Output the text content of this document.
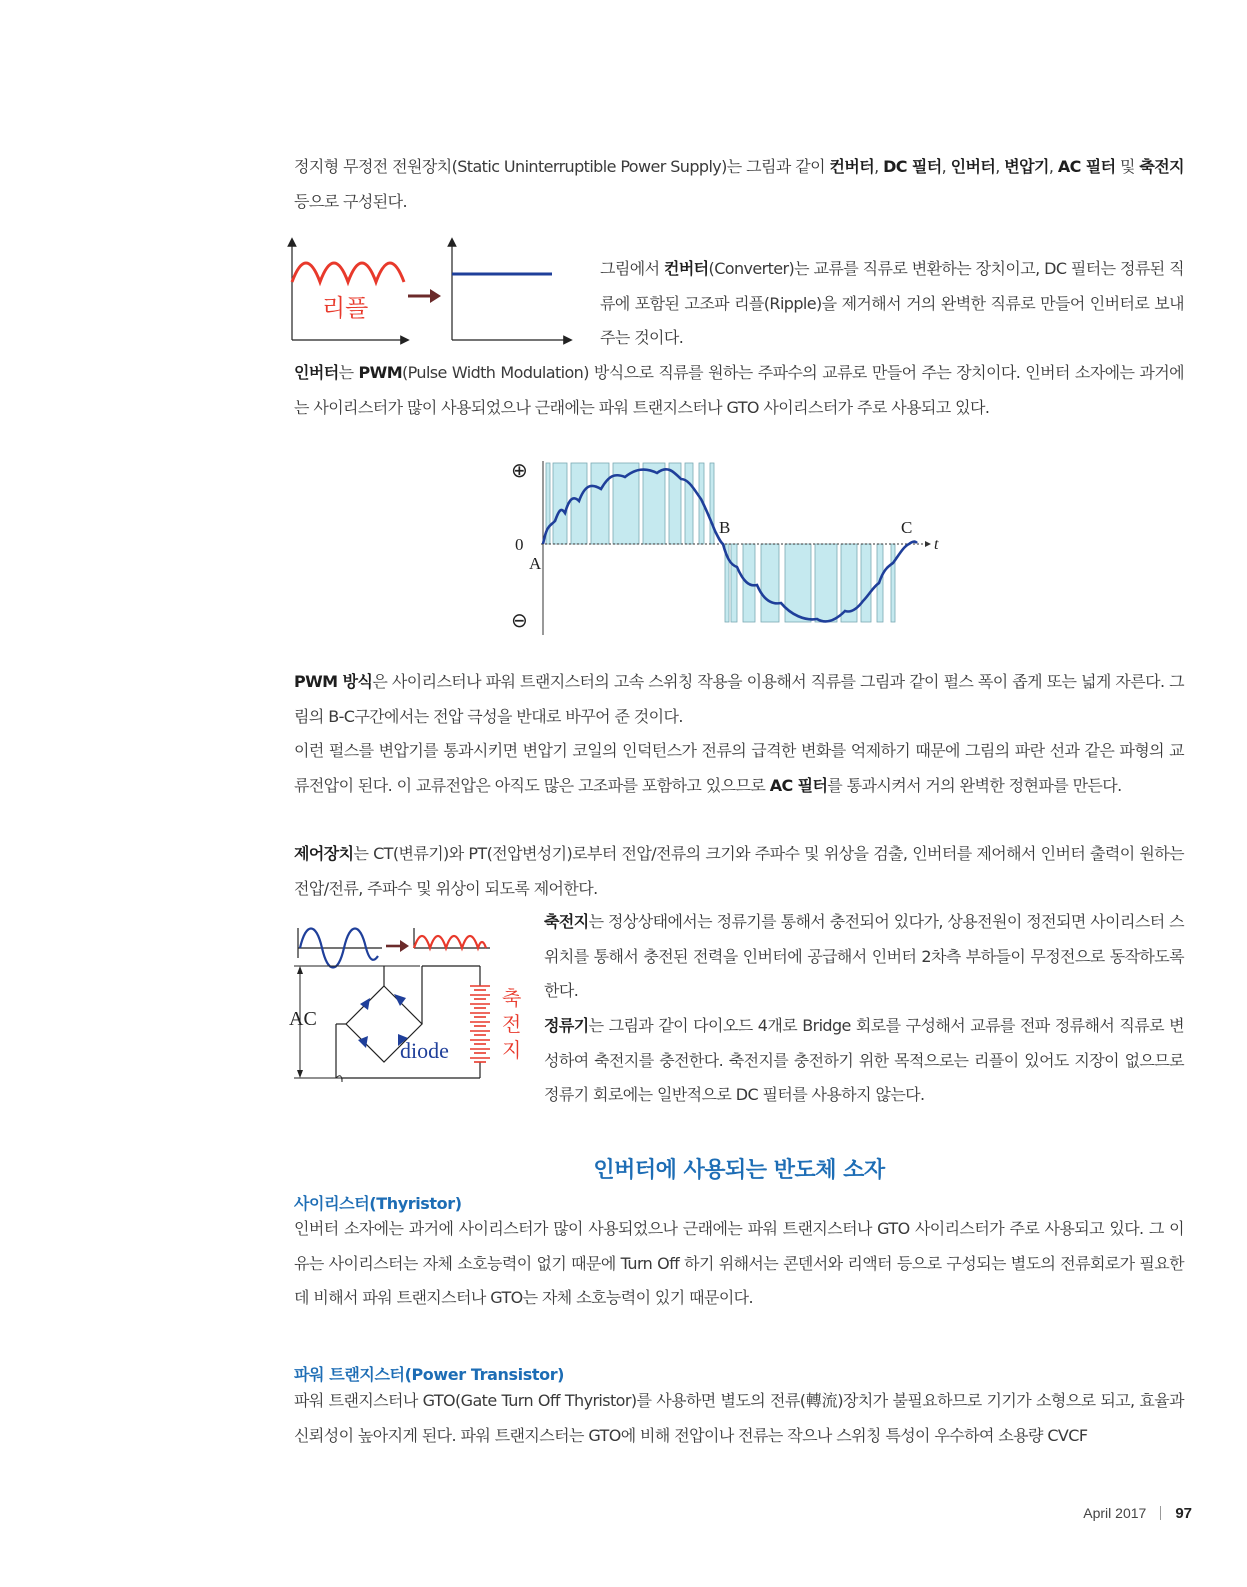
정지형 무정전 전원장치(Static Uninterruptible Power Supply)는 그림과 같이 컨버터, DC 필터, 인버터, 변압기, AC 필터 및 축전지 등으로 구성된다.

리플

그림에서 컨버터(Converter)는 교류를 직류로 변환하는 장치이고, DC 필터는 정류된 직류에 포함된 고조파 리플(Ripple)을 제거해서 거의 완벽한 직류로 만들어 인버터로 보내주는 것이다.

인버터는 PWM(Pulse Width Modulation) 방식으로 직류를 원하는 주파수의 교류로 만들어 주는 장치이다. 인버터 소자에는 과거에는 사이리스터가 많이 사용되었으나 근래에는 파워 트랜지스터나 GTO 사이리스터가 주로 사용되고 있다.

⊕
⊖
0
A
B	C
t

PWM 방식은 사이리스터나 파워 트랜지스터의 고속 스위칭 작용을 이용해서 직류를 그림과 같이 펄스 폭이 좁게 또는 넓게 자른다. 그림의 B-C구간에서는 전압 극성을 반대로 바꾸어 준 것이다.

이런 펄스를 변압기를 통과시키면 변압기 코일의 인덕턴스가 전류의 급격한 변화를 억제하기 때문에 그림의 파란 선과 같은 파형의 교류전압이 된다. 이 교류전압은 아직도 많은 고조파를 포함하고 있으므로 AC 필터를 통과시켜서 거의 완벽한 정현파를 만든다.

제어장치는 CT(변류기)와 PT(전압변성기)로부터 전압/전류의 크기와 주파수 및 위상을 검출, 인버터를 제어해서 인버터 출력이 원하는 전압/전류, 주파수 및 위상이 되도록 제어한다.

AC
diode
축
전
지

축전지는 정상상태에서는 정류기를 통해서 충전되어 있다가, 상용전원이 정전되면 사이리스터 스위치를 통해서 충전된 전력을 인버터에 공급해서 인버터 2차측 부하들이 무정전으로 동작하도록 한다.

정류기는 그림과 같이 다이오드 4개로 Bridge 회로를 구성해서 교류를 전파 정류해서 직류로 변성하여 축전지를 충전한다. 축전지를 충전하기 위한 목적으로는 리플이 있어도 지장이 없으므로 정류기 회로에는 일반적으로 DC 필터를 사용하지 않는다.

인버터에 사용되는 반도체 소자
사이리스터(Thyristor)

인버터 소자에는 과거에 사이리스터가 많이 사용되었으나 근래에는 파워 트랜지스터나 GTO 사이리스터가 주로 사용되고 있다. 그 이유는 사이리스터는 자체 소호능력이 없기 때문에 Turn Off 하기 위해서는 콘덴서와 리액터 등으로 구성되는 별도의 전류회로가 필요한데 비해서 파워 트랜지스터나 GTO는 자체 소호능력이 있기 때문이다.

파워 트랜지스터(Power Transistor)

파워 트랜지스터나 GTO(Gate Turn Off Thyristor)를 사용하면 별도의 전류(轉流)장치가 불필요하므로 기기가 소형으로 되고, 효율과 신뢰성이 높아지게 된다. 파워 트랜지스터는 GTO에 비해 전압이나 전류는 작으나 스위칭 특성이 우수하여 소용량 CVCF

April 2017 97
